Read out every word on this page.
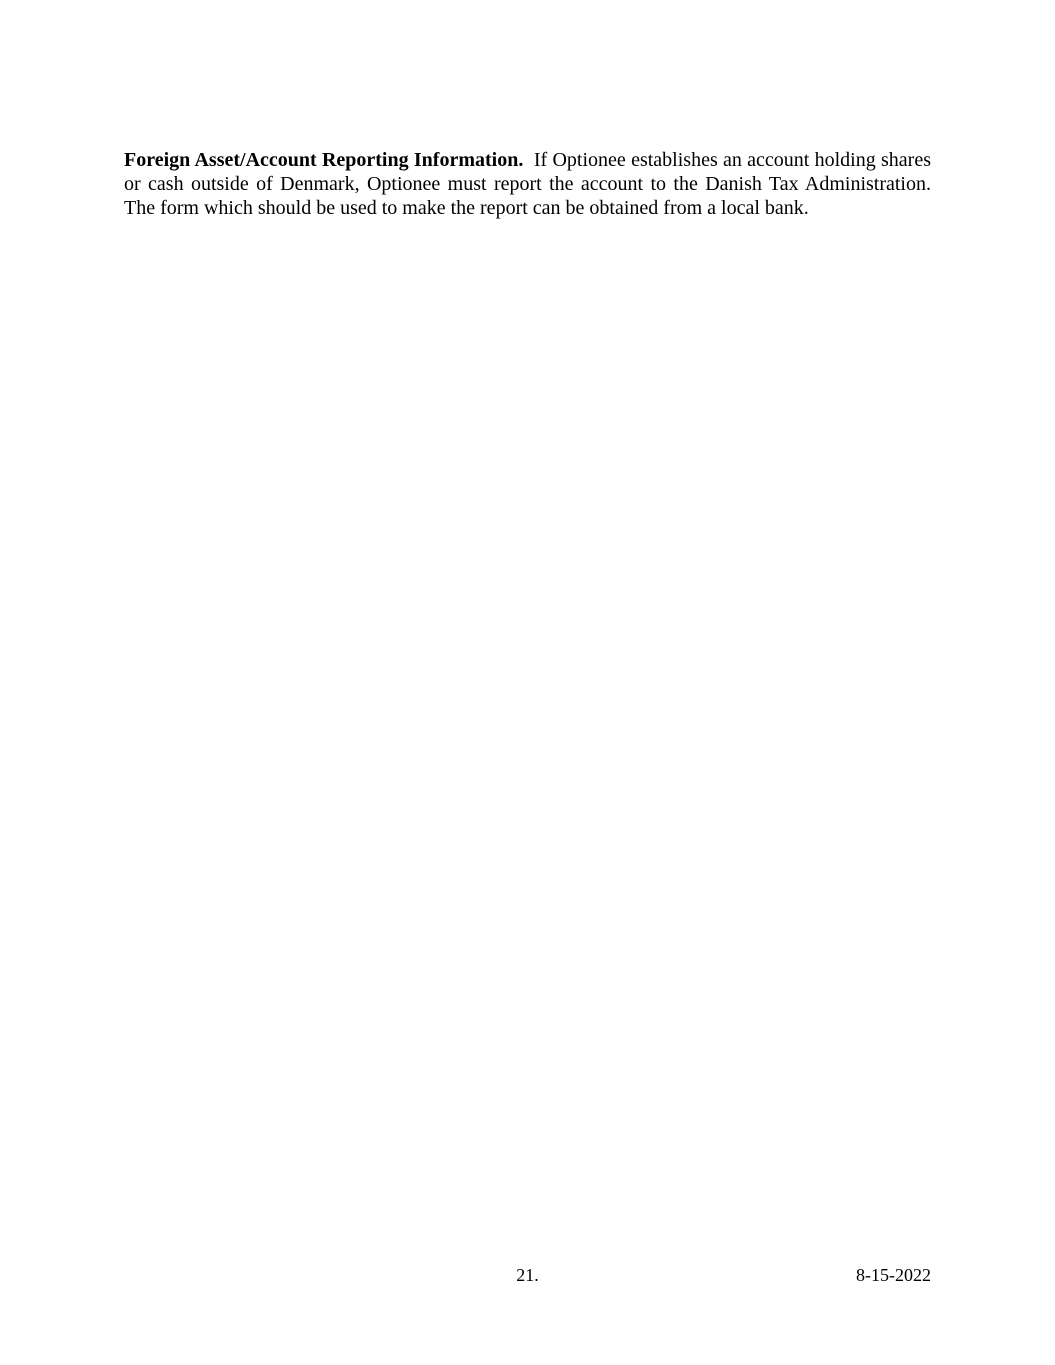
Foreign Asset/Account Reporting Information. If Optionee establishes an account holding shares or cash outside of Denmark, Optionee must report the account to the Danish Tax Administration. The form which should be used to make the report can be obtained from a local bank.

21.	8-15-2022
